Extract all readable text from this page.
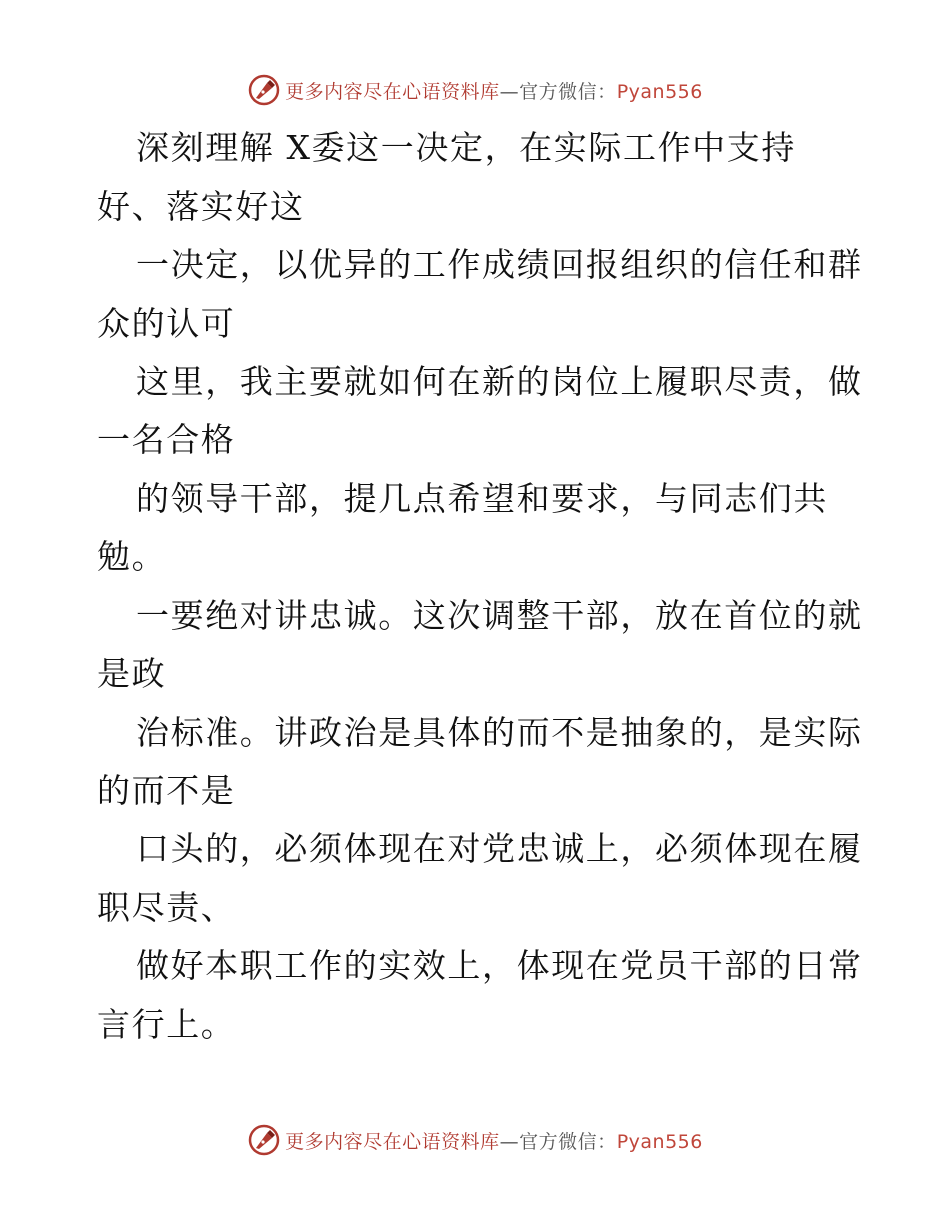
更多内容尽在心语资料库—官方微信：Pyan556
深刻理解 X委这一决定，在实际工作中支持
好、落实好这
一决定，以优异的工作成绩回报组织的信任和群
众的认可
这里，我主要就如何在新的岗位上履职尽责，做
一名合格
的领导干部，提几点希望和要求，与同志们共
勉。
一要绝对讲忠诚。这次调整干部，放在首位的就
是政
治标准。讲政治是具体的而不是抽象的，是实际
的而不是
口头的，必须体现在对党忠诚上，必须体现在履
职尽责、
做好本职工作的实效上，体现在党员干部的日常
言行上。
更多内容尽在心语资料库—官方微信：Pyan556
